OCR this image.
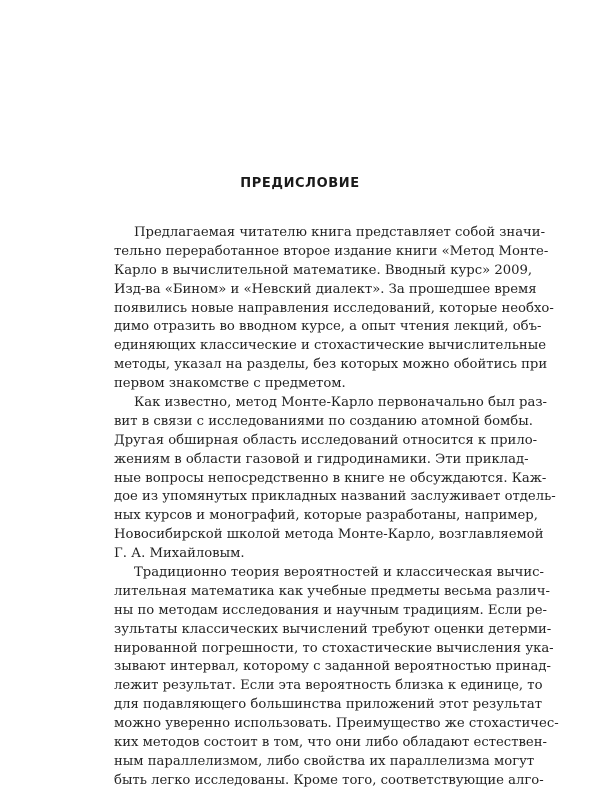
ПРЕДИСЛОВИЕ
Предлагаемая читателю книга представляет собой значи-
тельно переработанное второе издание книги «Метод Монте-
Карло в вычислительной математике. Вводный курс» 2009,
Изд-ва «Бином» и «Невский диалект». За прошедшее время
появились новые направления исследований, которые необхо-
димо отразить во вводном курсе, а опыт чтения лекций, объ-
единяющих классические и стохастические вычислительные
методы, указал на разделы, без которых можно обойтись при
первом знакомстве с предметом.
Как известно, метод Монте-Карло первоначально был раз-
вит в связи с исследованиями по созданию атомной бомбы.
Другая обширная область исследований относится к прило-
жениям в области газовой и гидродинамики. Эти приклад-
ные вопросы непосредственно в книге не обсуждаются. Каж-
дое из упомянутых прикладных названий заслуживает отдель-
ных курсов и монографий, которые разработаны, например,
Новосибирской школой метода Монте-Карло, возглавляемой
Г. А. Михайловым.
Традиционно теория вероятностей и классическая вычис-
лительная математика как учебные предметы весьма различ-
ны по методам исследования и научным традициям. Если ре-
зультаты классических вычислений требуют оценки детерми-
нированной погрешности, то стохастические вычисления ука-
зывают интервал, которому с заданной вероятностью принад-
лежит результат. Если эта вероятность близка к единице, то
для подавляющего большинства приложений этот результат
можно уверенно использовать. Преимущество же стохастичес-
ких методов состоит в том, что они либо обладают естествен-
ным параллелизмом, либо свойства их параллелизма могут
быть легко исследованы. Кроме того, соответствующие алго-
